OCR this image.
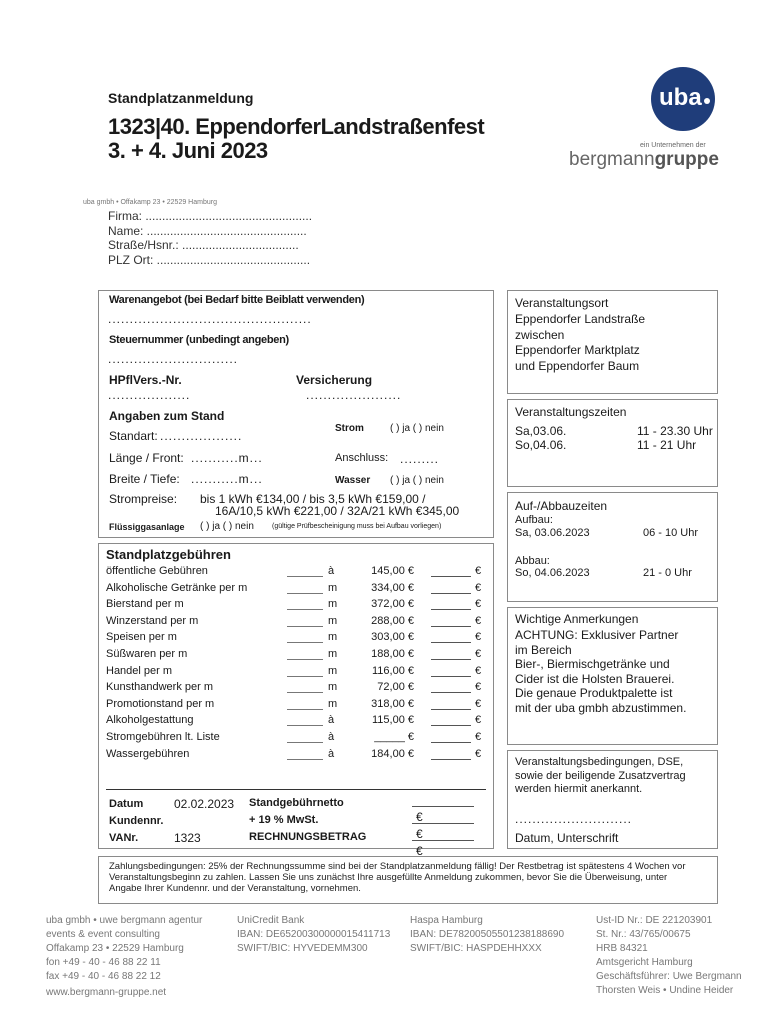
Standplatzanmeldung
1323|40. EppendorferLandstraßenfest
3. + 4. Juni 2023
uba
ein Unternehmen der
bergmanngruppe
uba gmbh • Offakamp 23 • 22529 Hamburg
Firma: ..................................................
Name: ................................................
Straße/Hsnr.: ...................................
PLZ Ort: ..............................................
Warenangebot (bei Bedarf bitte Beiblatt verwenden)
...............................................
Steuernummer (unbedingt angeben)
..............................
HPflVers.-Nr.
...................
Versicherung
......................
Angaben zum Stand
Standart: ...................
Strom	( ) ja ( ) nein
Länge / Front: ...........m...	Anschluss: .........
Breite / Tiefe: ...........m...	Wasser ( ) ja ( ) nein
Strompreise: bis 1 kWh €134,00 / bis 3,5 kWh €159,00 /
16A/10,5 kWh €221,00 / 32A/21 kWh €345,00
Flüssiggasanlage ( ) ja ( ) nein	(gültige Prüfbescheinigung muss bei Aufbau vorliegen)
Standplatzgebühren
öffentliche Gebühren	à	145,00 €	€
Alkoholische Getränke per m	m	334,00 €	€
Bierstand per m	m	372,00 €	€
Winzerstand per m	m	288,00 €	€
Speisen per m	m	303,00 €	€
Süßwaren per m	m	188,00 €	€
Handel per m	m	116,00 €	€
Kunsthandwerk per m	m	72,00 €	€
Promotionstand per m	m	318,00 €	€
Alkoholgestattung	à	115,00 €	€
Stromgebühren lt. Liste	à	_____ €	€
Wassergebühren	à	184,00 €	€
Datum	02.02.2023
Kundennr.
VANr.	1323
Standgebührnetto
+ 19 % MwSt.
RECHNUNGSBETRAG
€
€
€
Veranstaltungsort
Eppendorfer Landstraße
zwischen
Eppendorfer Marktplatz
und Eppendorfer Baum
Veranstaltungszeiten
Sa,03.06.	11 - 23.30 Uhr
So,04.06.	11 - 21 Uhr
Auf-/Abbauzeiten
Aufbau:
Sa, 03.06.2023	06 - 10 Uhr
Abbau:
So, 04.06.2023	21 - 0 Uhr
Wichtige Anmerkungen
ACHTUNG: Exklusiver Partner
im Bereich
Bier-, Biermischgetränke und
Cider ist die Holsten Brauerei.
Die genaue Produktpalette ist
mit der uba gmbh abzustimmen.
Veranstaltungsbedingungen, DSE,
sowie der beiligende Zusatzvertrag
werden hiermit anerkannt.
...........................
Datum, Unterschrift
Zahlungsbedingungen: 25% der Rechnungssumme sind bei der Standplatzanmeldung fällig! Der Restbetrag ist spätestens 4 Wochen vor Veranstaltungsbeginn zu zahlen. Lassen Sie uns zunächst Ihre ausgefüllte Anmeldung zukommen, bevor Sie die Überweisung, unter Angabe Ihrer Kundennr. und der Veranstaltung, vornehmen.
uba gmbh • uwe bergmann agentur
events & event consulting
Offakamp 23 • 22529 Hamburg
fon +49 - 40 - 46 88 22 11
fax +49 - 40 - 46 88 22 12
www.bergmann-gruppe.net
UniCredit Bank
IBAN: DE65200300000015411713
SWIFT/BIC: HYVEDEMM300
Haspa Hamburg
IBAN: DE78200505501238188690
SWIFT/BIC: HASPDEHHXXX
Ust-ID Nr.: DE 221203901
St. Nr.: 43/765/00675
HRB 84321
Amtsgericht Hamburg
Geschäftsführer: Uwe Bergmann
Thorsten Weis • Undine Heider
